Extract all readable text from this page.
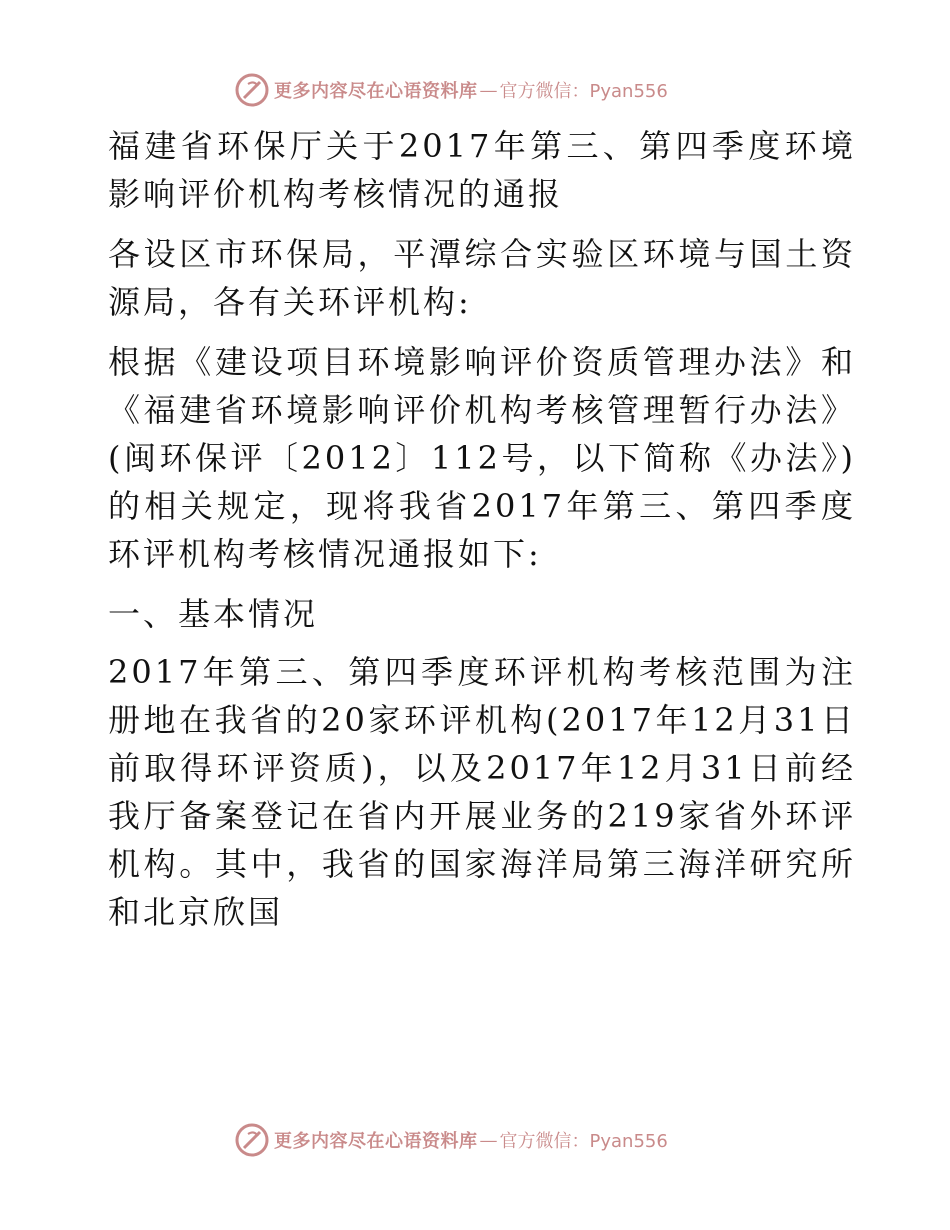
更多内容尽在心语资料库 — 官方微信：Pyan556

福建省环保厅关于2017年第三、第四季度环境影响评价机构考核情况的通报

各设区市环保局，平潭综合实验区环境与国土资源局，各有关环评机构:

根据《建设项目环境影响评价资质管理办法》和《福建省环境影响评价机构考核管理暂行办法》(闽环保评〔2012〕112号，以下简称《办法》)的相关规定，现将我省2017年第三、第四季度环评机构考核情况通报如下:

一、基本情况

2017年第三、第四季度环评机构考核范围为注册地在我省的20家环评机构(2017年12月31日前取得环评资质)，以及2017年12月31日前经我厅备案登记在省内开展业务的219家省外环评机构。其中，我省的国家海洋局第三海洋研究所和北京欣国

更多内容尽在心语资料库 — 官方微信：Pyan556
